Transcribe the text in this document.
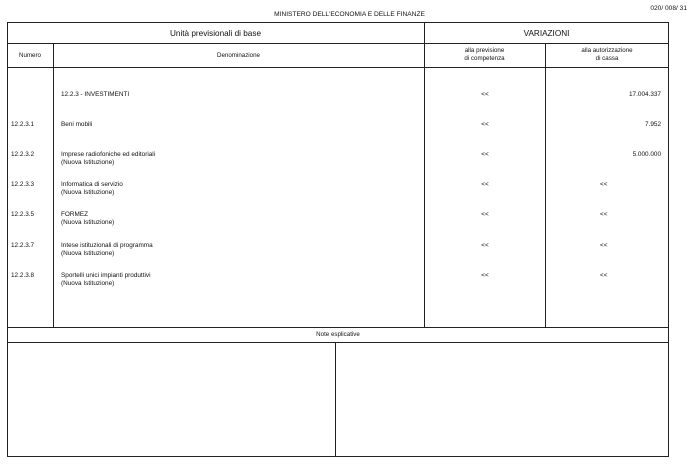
MINISTERO DELL'ECONOMIA E DELLE FINANZE
020/ 008/ 31
Unità previsionali di base	VARIAZIONI
Numero	Denominazione
alla previsione
di competenza
alla autorizzazione
di cassa
12.2.3 - INVESTIMENTI	<<	17.004.337
12.2.3.1	Beni mobili	<<	7.952
12.2.3.2	Imprese radiofoniche ed editoriali
(Nuova Istituzione)
<<	5.000.000
12.2.3.3	Informatica di servizio
(Nuova Istituzione)
<<	<<
12.2.3.5	FORMEZ
(Nuova Istituzione)
<<	<<
12.2.3.7	Intese istituzionali di programma
(Nuova Istituzione)
<<	<<
12.2.3.8	Sportelli unici impianti produttivi
(Nuova Istituzione)
<<	<<
Note esplicative
